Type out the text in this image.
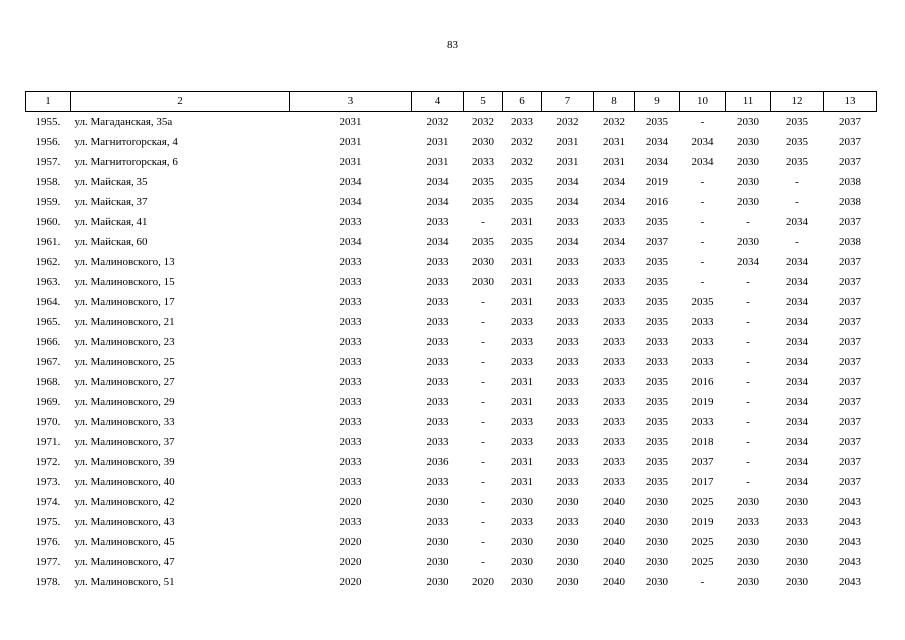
83
1	2	3	4	5	6	7	8	9	10	11	12	13
1955.	ул. Магаданская, 35а	2031	2032	2032	2033	2032	2032	2035	-	2030	2035	2037
1956.	ул. Магнитогорская, 4	2031	2031	2030	2032	2031	2031	2034	2034	2030	2035	2037
1957.	ул. Магнитогорская, 6	2031	2031	2033	2032	2031	2031	2034	2034	2030	2035	2037
1958.	ул. Майская, 35	2034	2034	2035	2035	2034	2034	2019	-	2030	-	2038
1959.	ул. Майская, 37	2034	2034	2035	2035	2034	2034	2016	-	2030	-	2038
1960.	ул. Майская, 41	2033	2033	-	2031	2033	2033	2035	-	-	2034	2037
1961.	ул. Майская, 60	2034	2034	2035	2035	2034	2034	2037	-	2030	-	2038
1962.	ул. Малиновского, 13	2033	2033	2030	2031	2033	2033	2035	-	2034	2034	2037
1963.	ул. Малиновского, 15	2033	2033	2030	2031	2033	2033	2035	-	-	2034	2037
1964.	ул. Малиновского, 17	2033	2033	-	2031	2033	2033	2035	2035	-	2034	2037
1965.	ул. Малиновского, 21	2033	2033	-	2033	2033	2033	2035	2033	-	2034	2037
1966.	ул. Малиновского, 23	2033	2033	-	2033	2033	2033	2033	2033	-	2034	2037
1967.	ул. Малиновского, 25	2033	2033	-	2033	2033	2033	2033	2033	-	2034	2037
1968.	ул. Малиновского, 27	2033	2033	-	2031	2033	2033	2035	2016	-	2034	2037
1969.	ул. Малиновского, 29	2033	2033	-	2031	2033	2033	2035	2019	-	2034	2037
1970.	ул. Малиновского, 33	2033	2033	-	2033	2033	2033	2035	2033	-	2034	2037
1971.	ул. Малиновского, 37	2033	2033	-	2033	2033	2033	2035	2018	-	2034	2037
1972.	ул. Малиновского, 39	2033	2036	-	2031	2033	2033	2035	2037	-	2034	2037
1973.	ул. Малиновского, 40	2033	2033	-	2031	2033	2033	2035	2017	-	2034	2037
1974.	ул. Малиновского, 42	2020	2030	-	2030	2030	2040	2030	2025	2030	2030	2043
1975.	ул. Малиновского, 43	2033	2033	-	2033	2033	2040	2030	2019	2033	2033	2043
1976.	ул. Малиновского, 45	2020	2030	-	2030	2030	2040	2030	2025	2030	2030	2043
1977.	ул. Малиновского, 47	2020	2030	-	2030	2030	2040	2030	2025	2030	2030	2043
1978.	ул. Малиновского, 51	2020	2030	2020	2030	2030	2040	2030	-	2030	2030	2043
